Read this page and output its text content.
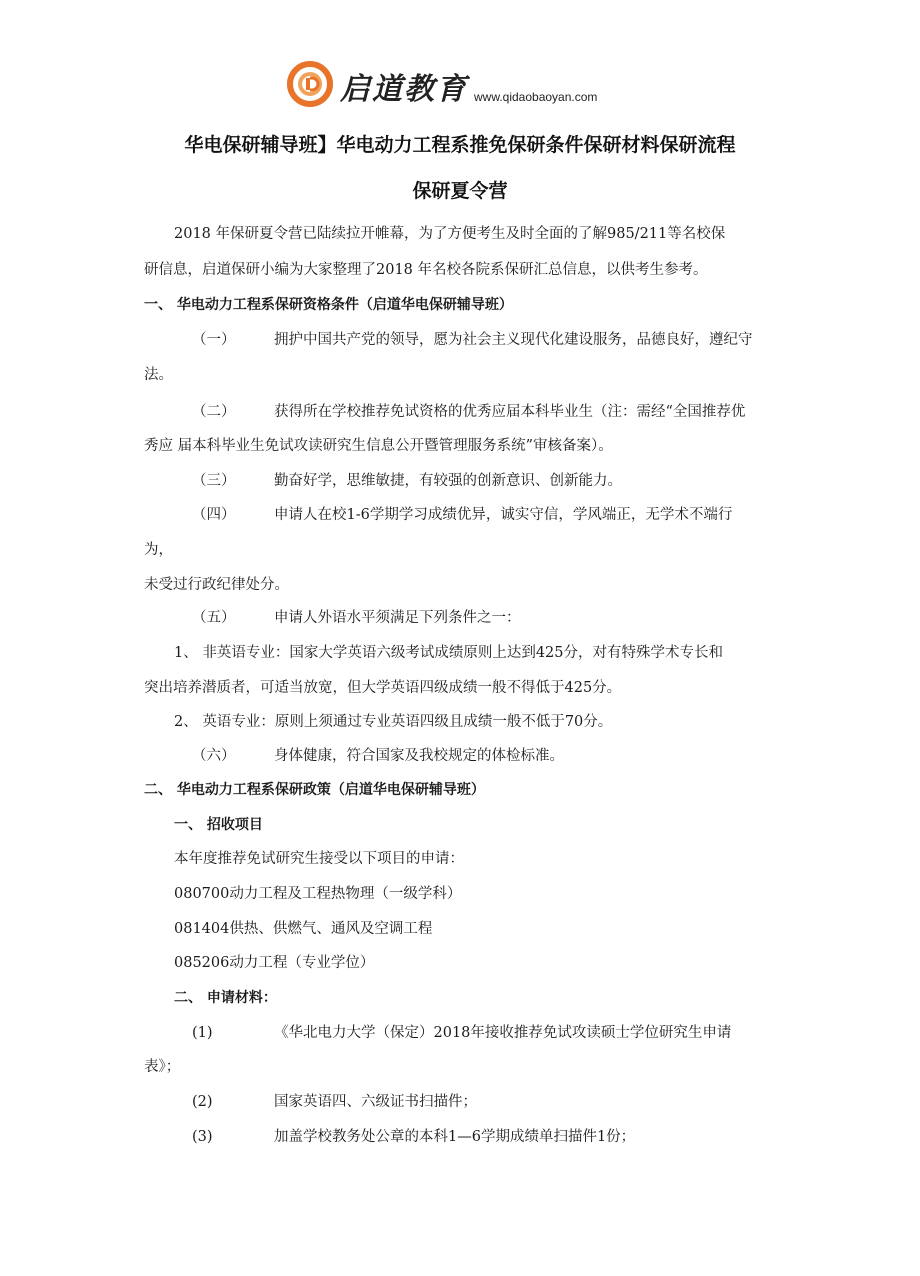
启道教育 www.qidaobaoyan.com
华电保研辅导班】华电动力工程系推免保研条件保研材料保研流程
保研夏令营
2018 年保研夏令营已陆续拉开帷幕，为了方便考生及时全面的了解985/211等名校保
研信息，启道保研小编为大家整理了2018 年名校各院系保研汇总信息，以供考生参考。
一、 华电动力工程系保研资格条件（启道华电保研辅导班）
（一）	拥护中国共产党的领导，愿为社会主义现代化建设服务，品德良好，遵纪守
法。
（二）	获得所在学校推荐免试资格的优秀应届本科毕业生（注：需经“全国推荐优
秀应 届本科毕业生免试攻读研究生信息公开暨管理服务系统”审核备案）。
（三）	勤奋好学，思维敏捷，有较强的创新意识、创新能力。
（四）	申请人在校1-6学期学习成绩优异，诚实守信，学风端正，无学术不端行
为，
未受过行政纪律处分。
（五）	申请人外语水平须满足下列条件之一：
1、 非英语专业：国家大学英语六级考试成绩原则上达到425分，对有特殊学术专长和
突出培养潜质者，可适当放宽，但大学英语四级成绩一般不得低于425分。
2、 英语专业：原则上须通过专业英语四级且成绩一般不低于70分。
（六）	身体健康，符合国家及我校规定的体检标准。
二、 华电动力工程系保研政策（启道华电保研辅导班）
一、 招收项目
本年度推荐免试研究生接受以下项目的申请：
080700动力工程及工程热物理（一级学科）
081404供热、供燃气、通风及空调工程
085206动力工程（专业学位）
二、 申请材料：
(1)	《华北电力大学（保定）2018年接收推荐免试攻读硕士学位研究生申请
表》；
(2)	国家英语四、六级证书扫描件；
(3)	加盖学校教务处公章的本科1—6学期成绩单扫描件1份；
